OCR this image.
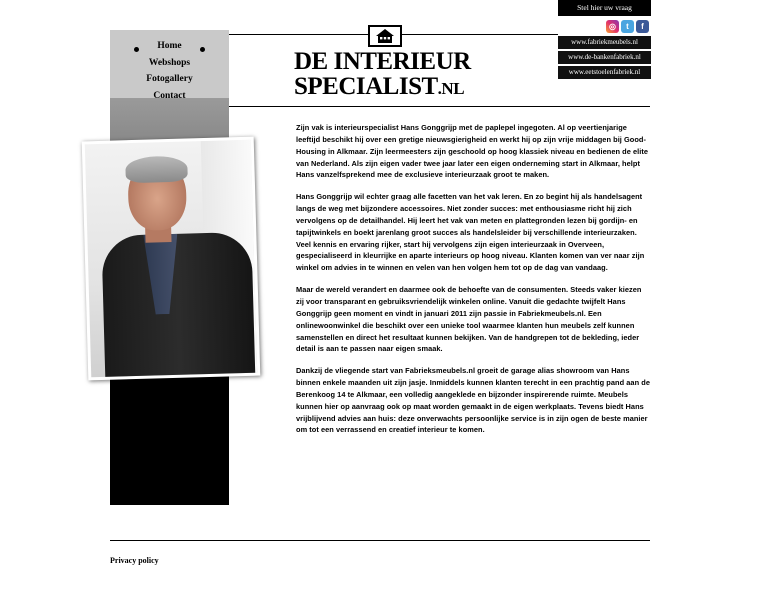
Home
Webshops
Fotogallery
Contact
DE INTERIEUR
SPECIALIST.NL
Stel hier uw vraag
◎	t	f
www.fabriekmeubels.nl
www.de-bankenfabriek.nl
www.eetstoelenfabriek.nl

Zijn vak is interieurspecialist Hans Gonggrijp met de paplepel ingegoten. Al op veertienjarige leeftijd beschikt hij over een gretige nieuwsgierigheid en werkt hij op zijn vrije middagen bij Good-Housing in Alkmaar. Zijn leermeesters zijn geschoold op hoog klassiek niveau en bedienen de elite van Nederland. Als zijn eigen vader twee jaar later een eigen onderneming start in Alkmaar, helpt Hans vanzelfsprekend mee de exclusieve interieurzaak groot te maken.

Hans Gonggrijp wil echter graag alle facetten van het vak leren. En zo begint hij als handelsagent langs de weg met bijzondere accessoires. Niet zonder succes: met enthousiasme richt hij zich vervolgens op de detailhandel. Hij leert het vak van meten en plattegronden lezen bij gordijn- en tapijtwinkels en boekt jarenlang groot succes als handelsleider bij verschillende interieurzaken. Veel kennis en ervaring rijker, start hij vervolgens zijn eigen interieurzaak in Overveen, gespecialiseerd in kleurrijke en aparte interieurs op hoog niveau. Klanten komen van ver naar zijn winkel om advies in te winnen en velen van hen volgen hem tot op de dag van vandaag.

Maar de wereld verandert en daarmee ook de behoefte van de consumenten. Steeds vaker kiezen zij voor transparant en gebruiksvriendelijk winkelen online. Vanuit die gedachte twijfelt Hans Gonggrijp geen moment en vindt in januari 2011 zijn passie in Fabriekmeubels.nl. Een onlinewoonwinkel die beschikt over een unieke tool waarmee klanten hun meubels zelf kunnen samenstellen en direct het resultaat kunnen bekijken. Van de handgrepen tot de bekleding, ieder detail is aan te passen naar eigen smaak.

Dankzij de vliegende start van Fabrieksmeubels.nl groeit de garage alias showroom van Hans binnen enkele maanden uit zijn jasje. Inmiddels kunnen klanten terecht in een prachtig pand aan de Berenkoog 14 te Alkmaar, een volledig aangeklede en bijzonder inspirerende ruimte. Meubels kunnen hier op aanvraag ook op maat worden gemaakt in de eigen werkplaats. Tevens biedt Hans vrijblijvend advies aan huis: deze onverwachts persoonlijke service is in zijn ogen de beste manier om tot een verrassend en creatief interieur te komen.

Privacy policy
